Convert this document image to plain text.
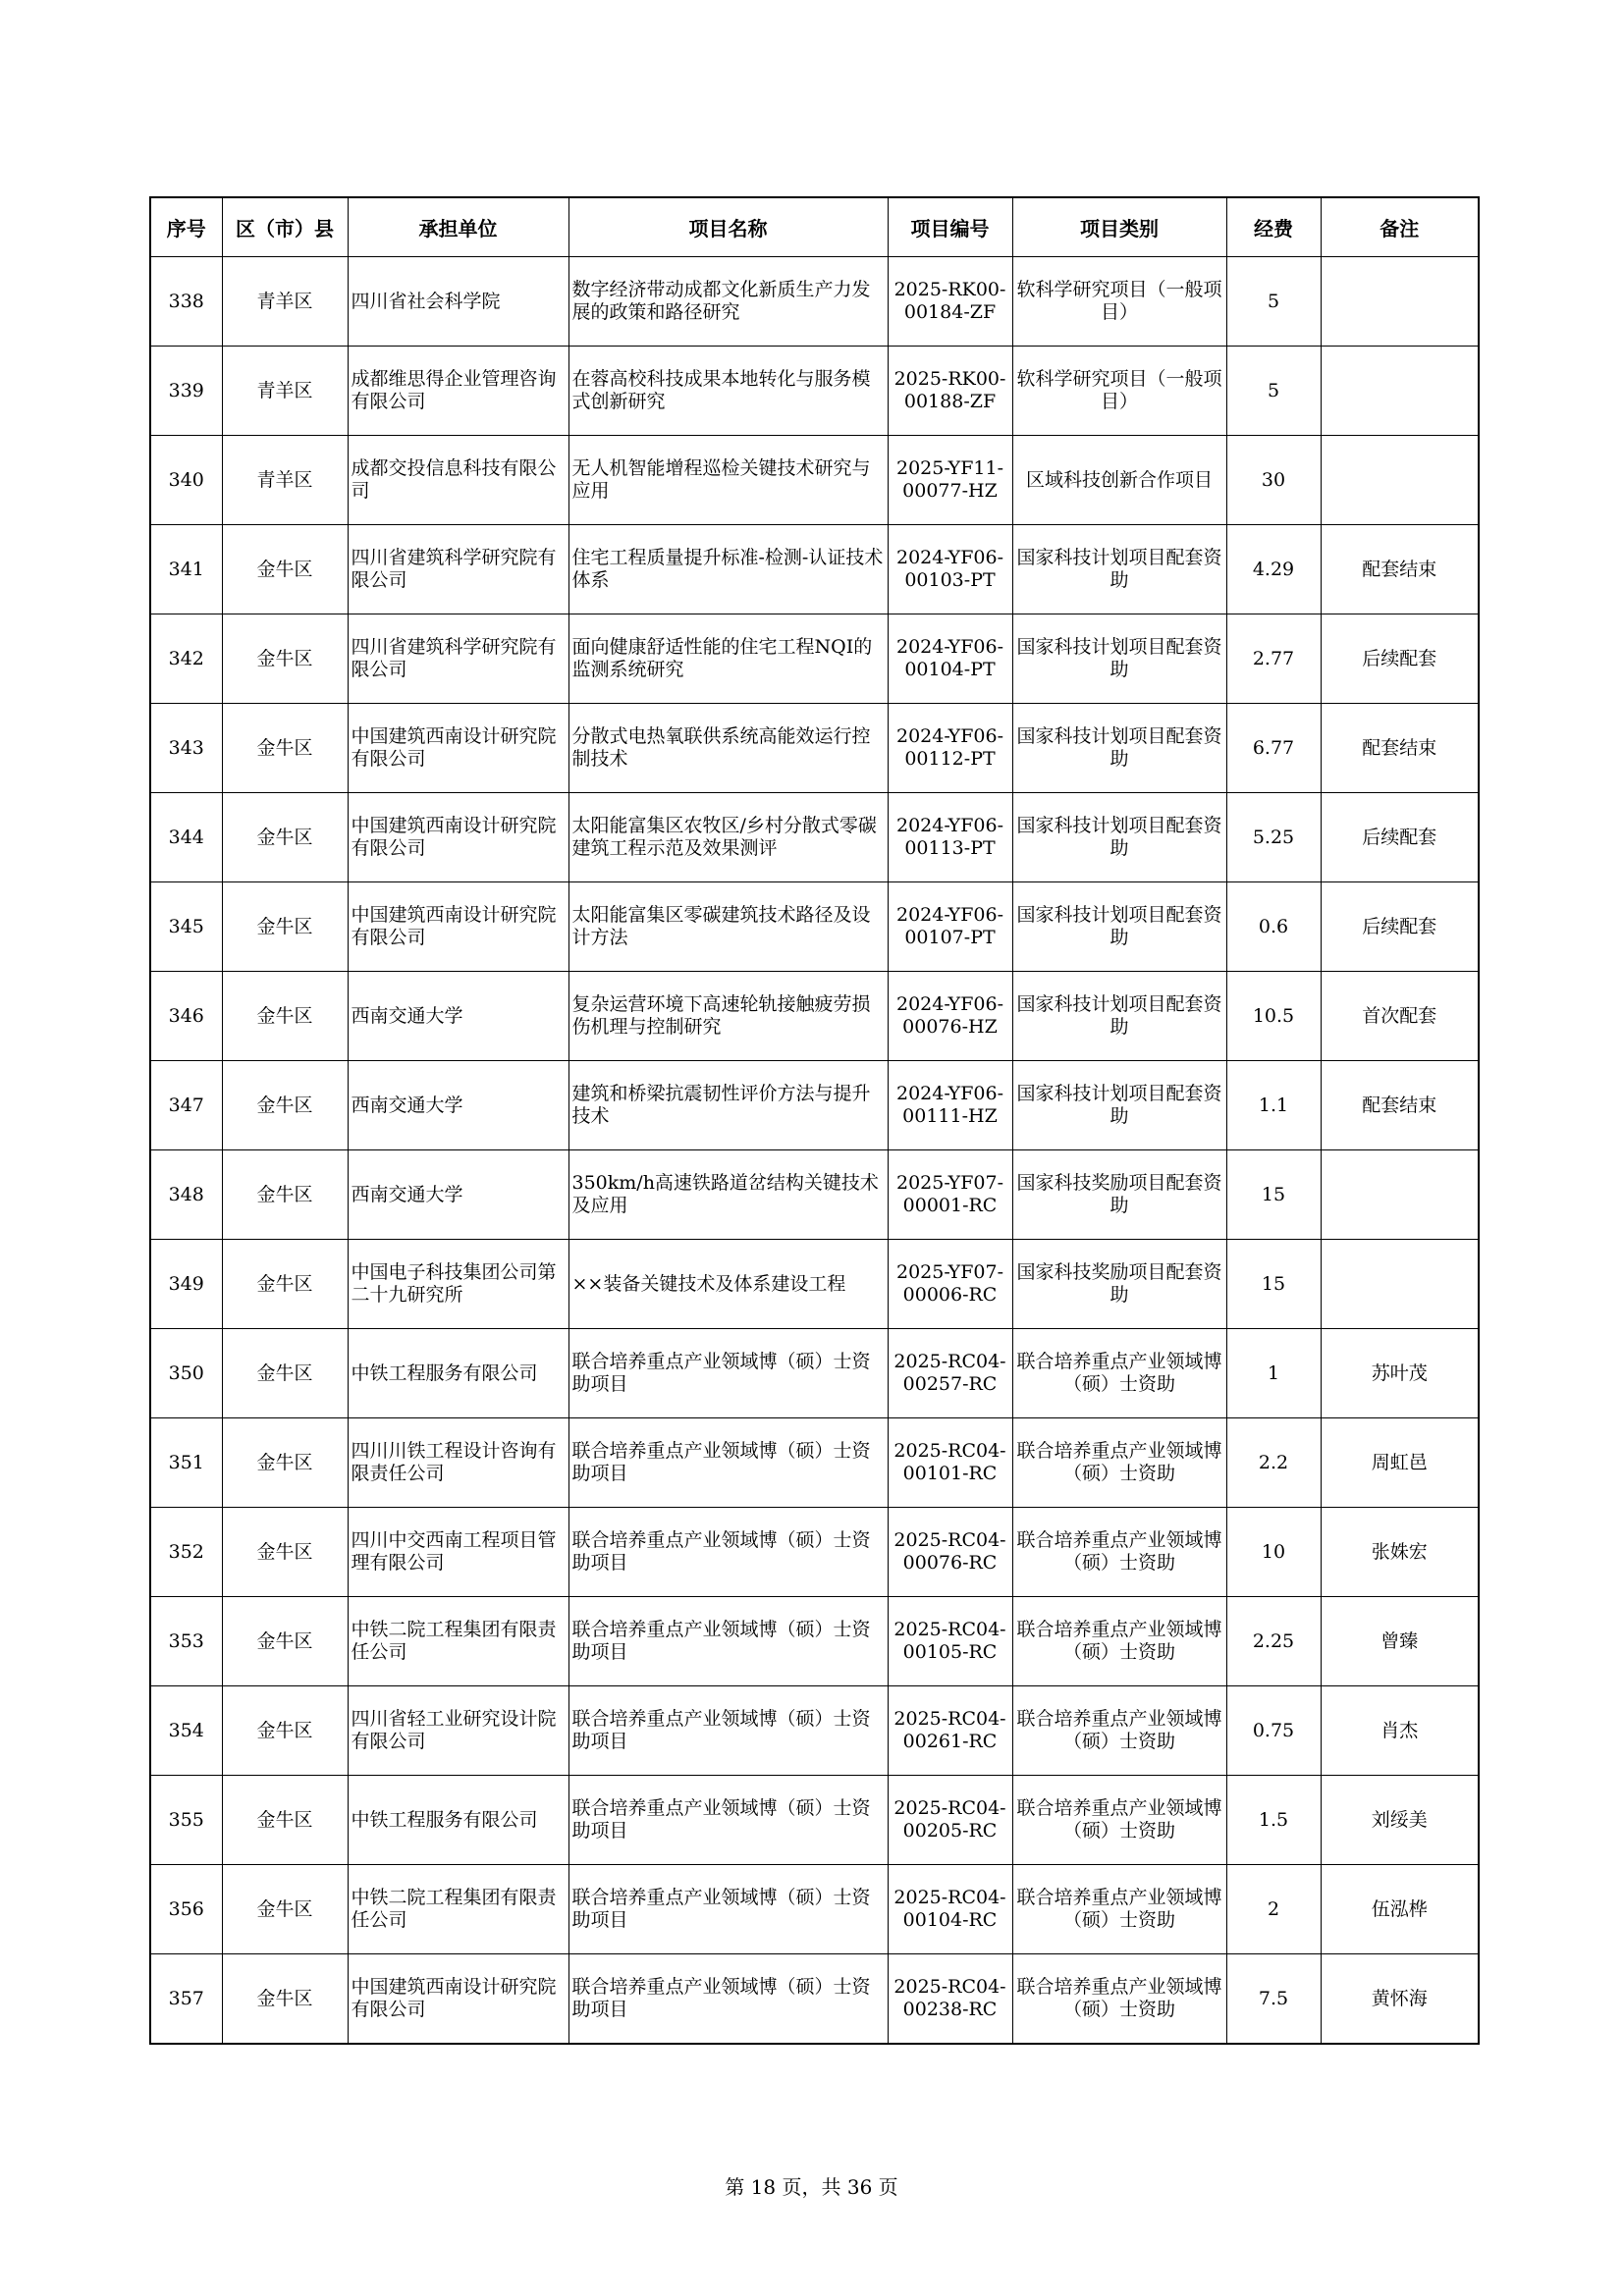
序号	区（市）县	承担单位	项目名称	项目编号	项目类别	经费	备注
338	青羊区	四川省社会科学院	数字经济带动成都文化新质生产力发展的政策和路径研究	2025-RK00-00184-ZF	软科学研究项目（一般项目）	5	
339	青羊区	成都维思得企业管理咨询有限公司	在蓉高校科技成果本地转化与服务模式创新研究	2025-RK00-00188-ZF	软科学研究项目（一般项目）	5	
340	青羊区	成都交投信息科技有限公司	无人机智能增程巡检关键技术研究与应用	2025-YF11-00077-HZ	区域科技创新合作项目	30	
341	金牛区	四川省建筑科学研究院有限公司	住宅工程质量提升标准-检测-认证技术体系	2024-YF06-00103-PT	国家科技计划项目配套资助	4.29	配套结束
342	金牛区	四川省建筑科学研究院有限公司	面向健康舒适性能的住宅工程NQI的监测系统研究	2024-YF06-00104-PT	国家科技计划项目配套资助	2.77	后续配套
343	金牛区	中国建筑西南设计研究院有限公司	分散式电热氧联供系统高能效运行控制技术	2024-YF06-00112-PT	国家科技计划项目配套资助	6.77	配套结束
344	金牛区	中国建筑西南设计研究院有限公司	太阳能富集区农牧区/乡村分散式零碳建筑工程示范及效果测评	2024-YF06-00113-PT	国家科技计划项目配套资助	5.25	后续配套
345	金牛区	中国建筑西南设计研究院有限公司	太阳能富集区零碳建筑技术路径及设计方法	2024-YF06-00107-PT	国家科技计划项目配套资助	0.6	后续配套
346	金牛区	西南交通大学	复杂运营环境下高速轮轨接触疲劳损伤机理与控制研究	2024-YF06-00076-HZ	国家科技计划项目配套资助	10.5	首次配套
347	金牛区	西南交通大学	建筑和桥梁抗震韧性评价方法与提升技术	2024-YF06-00111-HZ	国家科技计划项目配套资助	1.1	配套结束
348	金牛区	西南交通大学	350km/h高速铁路道岔结构关键技术及应用	2025-YF07-00001-RC	国家科技奖励项目配套资助	15	
349	金牛区	中国电子科技集团公司第二十九研究所	××装备关键技术及体系建设工程	2025-YF07-00006-RC	国家科技奖励项目配套资助	15	
350	金牛区	中铁工程服务有限公司	联合培养重点产业领域博（硕）士资助项目	2025-RC04-00257-RC	联合培养重点产业领域博（硕）士资助	1	苏叶茂
351	金牛区	四川川铁工程设计咨询有限责任公司	联合培养重点产业领域博（硕）士资助项目	2025-RC04-00101-RC	联合培养重点产业领域博（硕）士资助	2.2	周虹邑
352	金牛区	四川中交西南工程项目管理有限公司	联合培养重点产业领域博（硕）士资助项目	2025-RC04-00076-RC	联合培养重点产业领域博（硕）士资助	10	张姝宏
353	金牛区	中铁二院工程集团有限责任公司	联合培养重点产业领域博（硕）士资助项目	2025-RC04-00105-RC	联合培养重点产业领域博（硕）士资助	2.25	曾臻
354	金牛区	四川省轻工业研究设计院有限公司	联合培养重点产业领域博（硕）士资助项目	2025-RC04-00261-RC	联合培养重点产业领域博（硕）士资助	0.75	肖杰
355	金牛区	中铁工程服务有限公司	联合培养重点产业领域博（硕）士资助项目	2025-RC04-00205-RC	联合培养重点产业领域博（硕）士资助	1.5	刘绥美
356	金牛区	中铁二院工程集团有限责任公司	联合培养重点产业领域博（硕）士资助项目	2025-RC04-00104-RC	联合培养重点产业领域博（硕）士资助	2	伍泓桦
357	金牛区	中国建筑西南设计研究院有限公司	联合培养重点产业领域博（硕）士资助项目	2025-RC04-00238-RC	联合培养重点产业领域博（硕）士资助	7.5	黄怀海
第 18 页，共 36 页
